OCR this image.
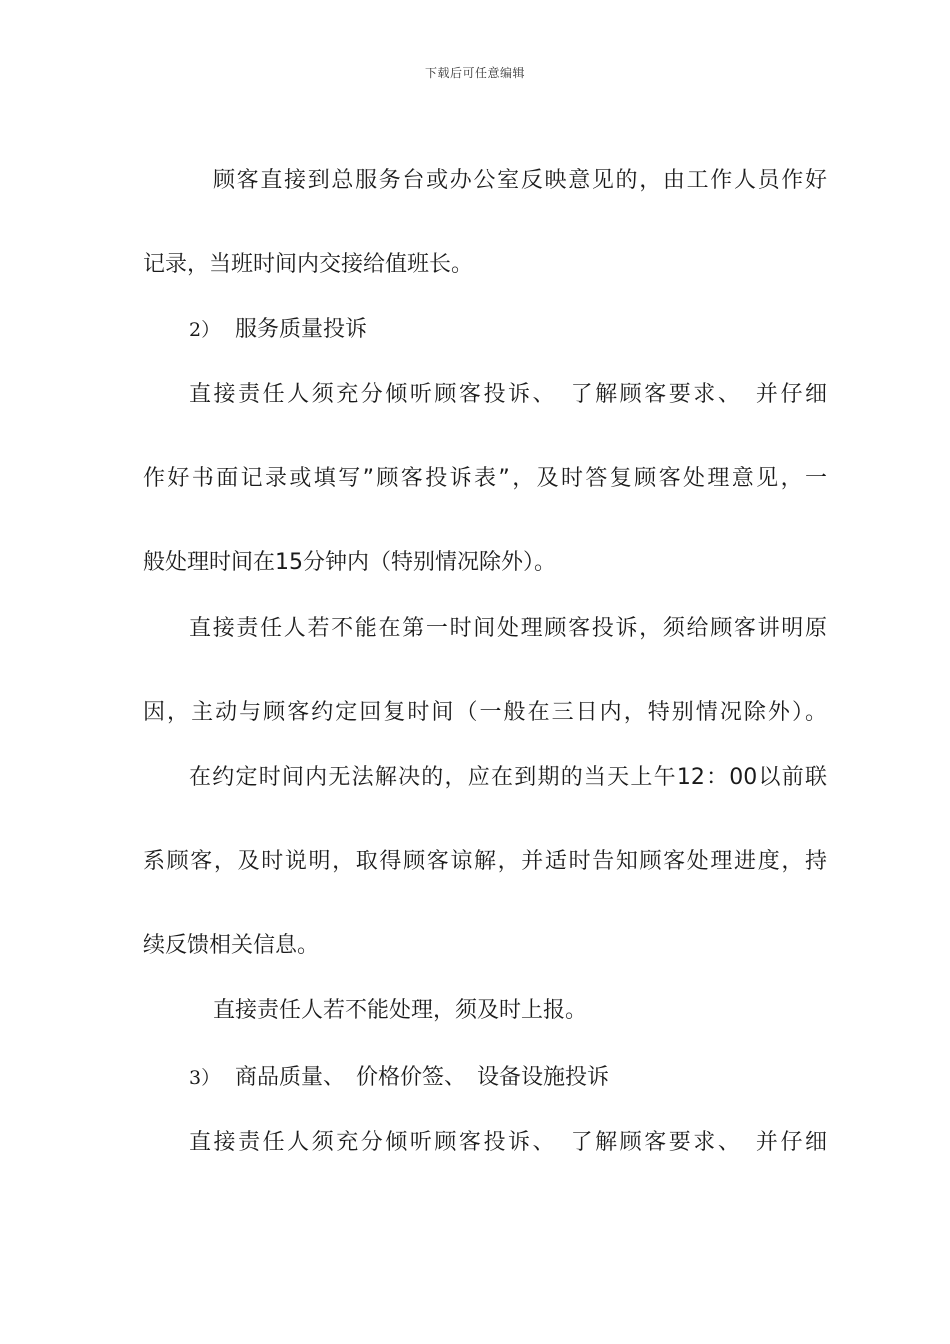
下载后可任意编辑
顾客直接到总服务台或办公室反映意见的，由工作人员作好
记录，当班时间内交接给值班长。
2） 服务质量投诉
直接责任人须充分倾听顾客投诉、　了解顾客要求、　并仔细
作好书面记录或填写”顾客投诉表”，及时答复顾客处理意见，一
般处理时间在15分钟内（特别情况除外）。
直接责任人若不能在第一时间处理顾客投诉，须给顾客讲明原
因，主动与顾客约定回复时间（一般在三日内，特别情况除外）。
在约定时间内无法解决的，应在到期的当天上午12：00以前联
系顾客，及时说明，取得顾客谅解，并适时告知顾客处理进度，持
续反馈相关信息。
直接责任人若不能处理，须及时上报。
3） 商品质量、　价格价签、　设备设施投诉
直接责任人须充分倾听顾客投诉、　了解顾客要求、　并仔细
